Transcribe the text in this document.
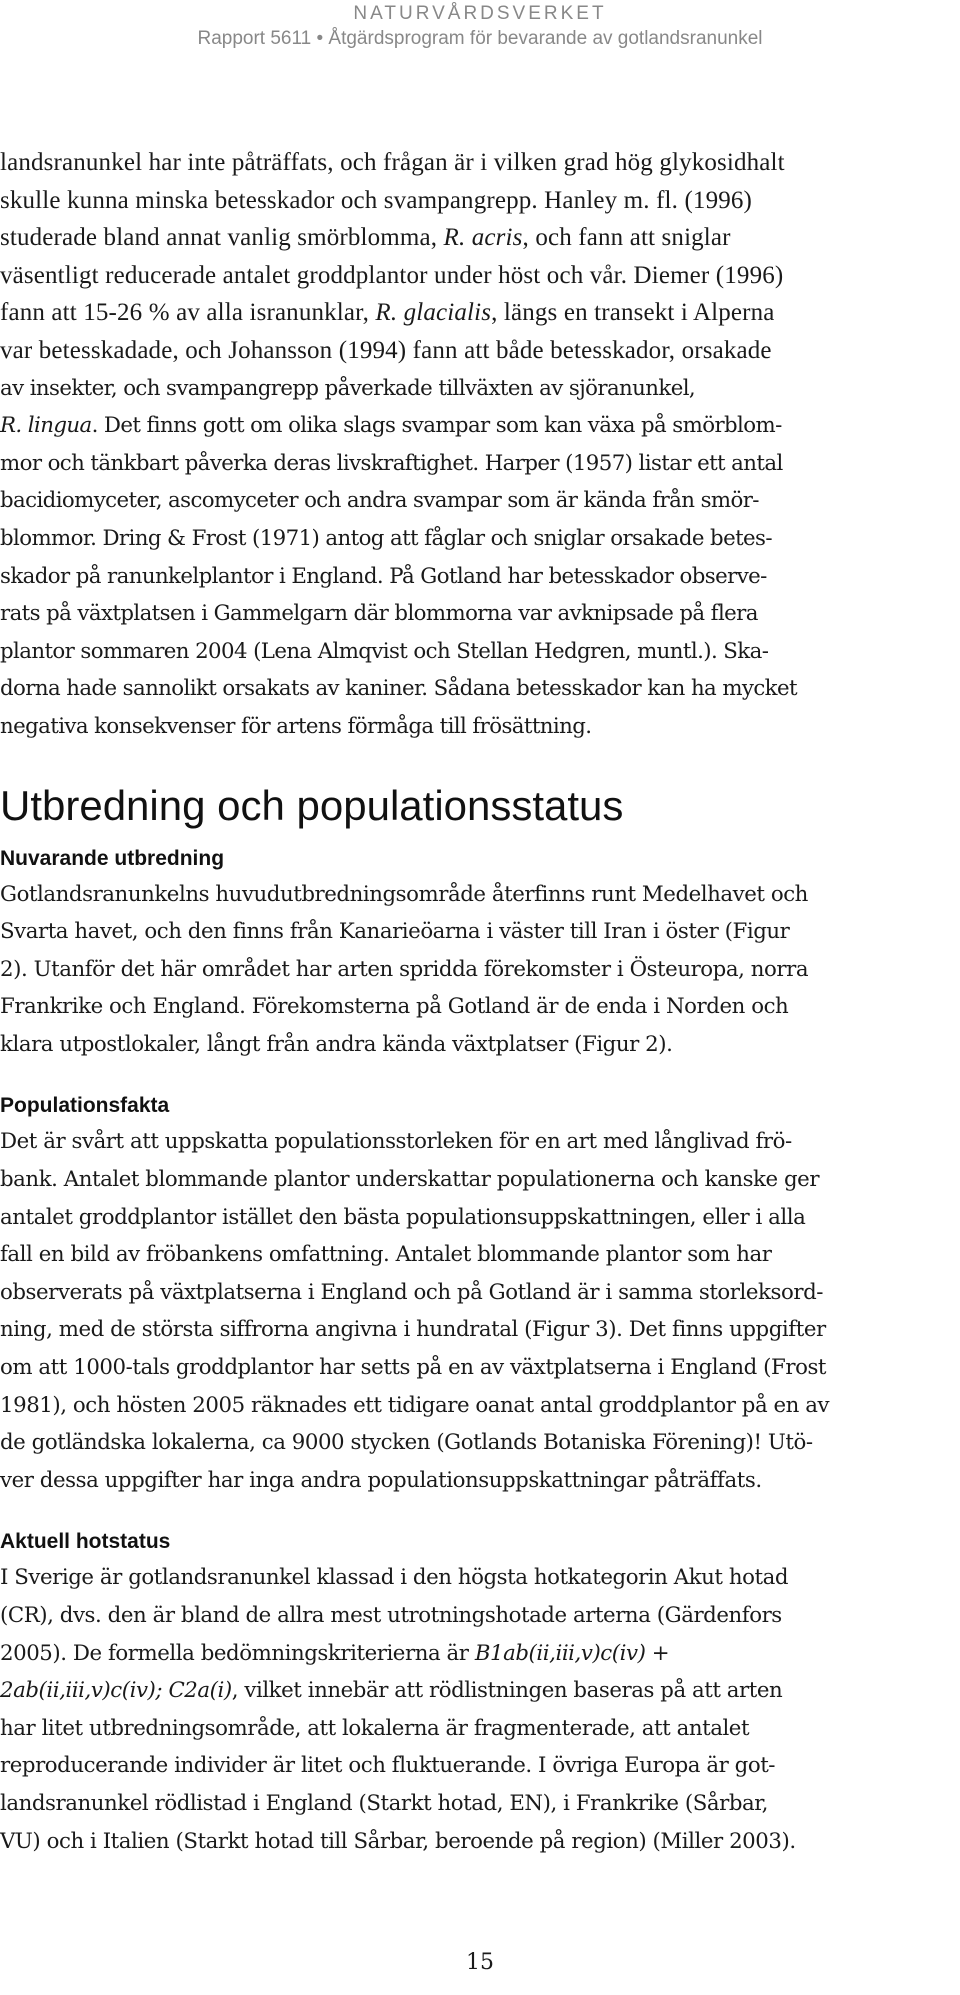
NATURVÅRDSVERKET
Rapport 5611 • Åtgärdsprogram för bevarande av gotlandsranunkel

landsranunkel har inte påträffats, och frågan är i vilken grad hög glykosidhalt
skulle kunna minska betesskador och svampangrepp. Hanley m. fl. (1996)
studerade bland annat vanlig smörblomma, R. acris, och fann att sniglar
väsentligt reducerade antalet groddplantor under höst och vår. Diemer (1996)
fann att 15-26 % av alla isranunklar, R. glacialis, längs en transekt i Alperna
var betesskadade, och Johansson (1994) fann att både betesskador, orsakade
av insekter, och svampangrepp påverkade tillväxten av sjöranunkel,
R. lingua. Det finns gott om olika slags svampar som kan växa på smörblom-
mor och tänkbart påverka deras livskraftighet. Harper (1957) listar ett antal
bacidiomyceter, ascomyceter och andra svampar som är kända från smör-
blommor. Dring & Frost (1971) antog att fåglar och sniglar orsakade betes-
skador på ranunkelplantor i England. På Gotland har betesskador observe-
rats på växtplatsen i Gammelgarn där blommorna var avknipsade på flera
plantor sommaren 2004 (Lena Almqvist och Stellan Hedgren, muntl.). Ska-
dorna hade sannolikt orsakats av kaniner. Sådana betesskador kan ha mycket
negativa konsekvenser för artens förmåga till frösättning.

Utbredning och populationsstatus
Nuvarande utbredning

Gotlandsranunkelns huvudutbredningsområde återfinns runt Medelhavet och
Svarta havet, och den finns från Kanarieöarna i väster till Iran i öster (Figur
2). Utanför det här området har arten spridda förekomster i Östeuropa, norra
Frankrike och England. Förekomsterna på Gotland är de enda i Norden och
klara utpostlokaler, långt från andra kända växtplatser (Figur 2).

Populationsfakta

Det är svårt att uppskatta populationsstorleken för en art med långlivad frö-
bank. Antalet blommande plantor underskattar populationerna och kanske ger
antalet groddplantor istället den bästa populationsuppskattningen, eller i alla
fall en bild av fröbankens omfattning. Antalet blommande plantor som har
observerats på växtplatserna i England och på Gotland är i samma storleksord-
ning, med de största siffrorna angivna i hundratal (Figur 3). Det finns uppgifter
om att 1000-tals groddplantor har setts på en av växtplatserna i England (Frost
1981), och hösten 2005 räknades ett tidigare oanat antal groddplantor på en av
de gotländska lokalerna, ca 9000 stycken (Gotlands Botaniska Förening)! Utö-
ver dessa uppgifter har inga andra populationsuppskattningar påträffats.

Aktuell hotstatus

I Sverige är gotlandsranunkel klassad i den högsta hotkategorin Akut hotad
(CR), dvs. den är bland de allra mest utrotningshotade arterna (Gärdenfors
2005). De formella bedömningskriterierna är B1ab(ii,iii,v)c(iv) +
2ab(ii,iii,v)c(iv); C2a(i), vilket innebär att rödlistningen baseras på att arten
har litet utbredningsområde, att lokalerna är fragmenterade, att antalet
reproducerande individer är litet och fluktuerande. I övriga Europa är got-
landsranunkel rödlistad i England (Starkt hotad, EN), i Frankrike (Sårbar,
VU) och i Italien (Starkt hotad till Sårbar, beroende på region) (Miller 2003).

15
